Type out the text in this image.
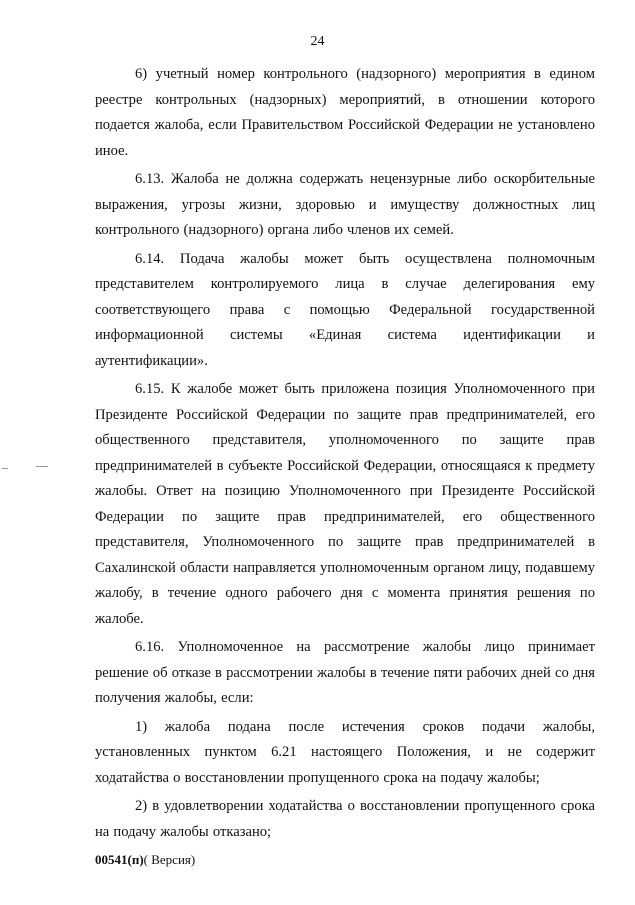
24

6) учетный номер контрольного (надзорного) мероприятия в едином реестре контрольных (надзорных) мероприятий, в отношении которого подается жалоба, если Правительством Российской Федерации не установлено иное.

6.13. Жалоба не должна содержать нецензурные либо оскорбительные выражения, угрозы жизни, здоровью и имуществу должностных лиц контрольного (надзорного) органа либо членов их семей.

6.14. Подача жалобы может быть осуществлена полномочным представителем контролируемого лица в случае делегирования ему соответствующего права с помощью Федеральной государственной информационной системы «Единая система идентификации и аутентификации».

6.15. К жалобе может быть приложена позиция Уполномоченного при Президенте Российской Федерации по защите прав предпринимателей, его общественного представителя, уполномоченного по защите прав предпринимателей в субъекте Российской Федерации, относящаяся к предмету жалобы. Ответ на позицию Уполномоченного при Президенте Российской Федерации по защите прав предпринимателей, его общественного представителя, Уполномоченного по защите прав предпринимателей в Сахалинской области направляется уполномоченным органом лицу, подавшему жалобу, в течение одного рабочего дня с момента принятия решения по жалобе.

6.16. Уполномоченное на рассмотрение жалобы лицо принимает решение об отказе в рассмотрении жалобы в течение пяти рабочих дней со дня получения жалобы, если:

1) жалоба подана после истечения сроков подачи жалобы, установленных пунктом 6.21 настоящего Положения, и не содержит ходатайства о восстановлении пропущенного срока на подачу жалобы;

2) в удовлетворении ходатайства о восстановлении пропущенного срока на подачу жалобы отказано;

00541(п)( Версия)
